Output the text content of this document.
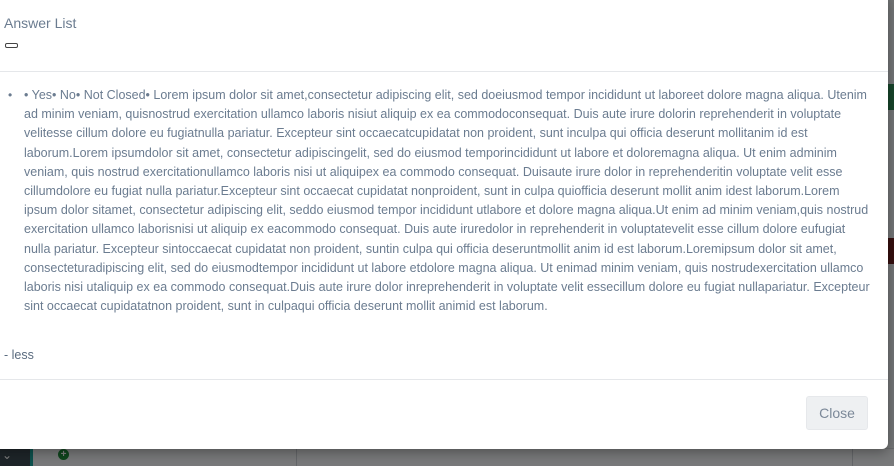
Answer List
• • Yes• No• Not Closed• Lorem ipsum dolor sit amet,consectetur adipiscing elit, sed doeiusmod tempor incididunt ut laboreet dolore magna aliqua. Utenim ad minim veniam, quisnostrud exercitation ullamco laboris nisiut aliquip ex ea commodoconsequat. Duis aute irure dolorin reprehenderit in voluptate velitesse cillum dolore eu fugiatnulla pariatur. Excepteur sint occaecatcupidatat non proident, sunt inculpa qui officia deserunt mollitanim id est laborum.Lorem ipsumdolor sit amet, consectetur adipiscingelit, sed do eiusmod temporincididunt ut labore et doloremagna aliqua. Ut enim adminim veniam, quis nostrud exercitationullamco laboris nisi ut aliquipex ea commodo consequat. Duisaute irure dolor in reprehenderitin voluptate velit esse cillumdolore eu fugiat nulla pariatur.Excepteur sint occaecat cupidatat nonproident, sunt in culpa quiofficia deserunt mollit anim idest laborum.Lorem ipsum dolor sitamet, consectetur adipiscing elit, seddo eiusmod tempor incididunt utlabore et dolore magna aliqua.Ut enim ad minim veniam,quis nostrud exercitation ullamco laborisnisi ut aliquip ex eacommodo consequat. Duis aute iruredolor in reprehenderit in voluptatevelit esse cillum dolore eufugiat nulla pariatur. Excepteur sintoccaecat cupidatat non proident, suntin culpa qui officia deseruntmollit anim id est laborum.Loremipsum dolor sit amet, consecteturadipiscing elit, sed do eiusmodtempor incididunt ut labore etdolore magna aliqua. Ut enimad minim veniam, quis nostrudexercitation ullamco laboris nisi utaliquip ex ea commodo consequat.Duis aute irure dolor inreprehenderit in voluptate velit essecillum dolore eu fugiat nullapariatur. Excepteur sint occaecat cupidatatnon proident, sunt in culpaqui officia deserunt mollit animid est laborum.
- less
Close
